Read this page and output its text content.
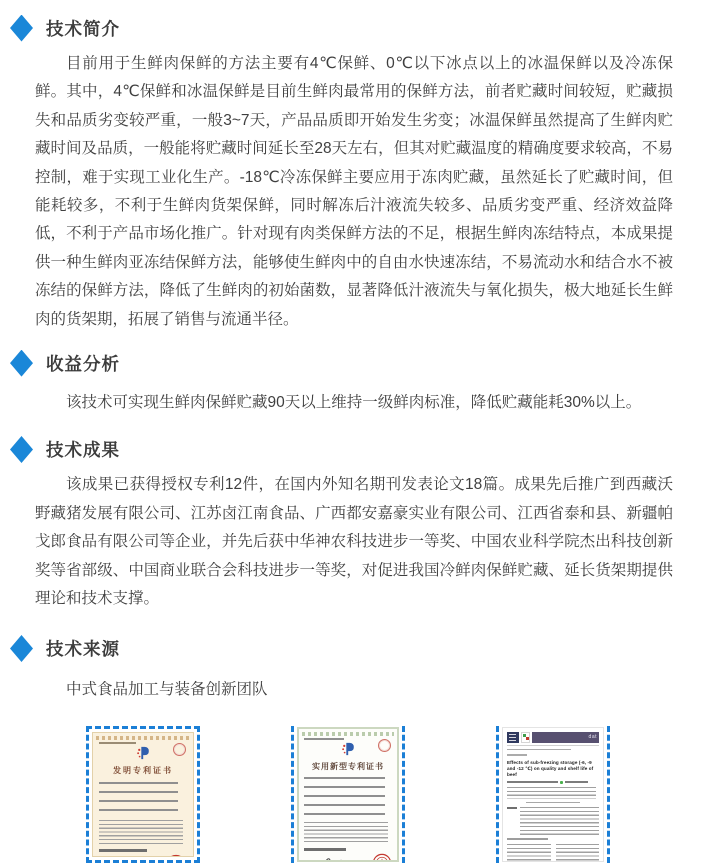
技术简介

目前用于生鲜肉保鲜的方法主要有4℃保鲜、0℃以下冰点以上的冰温保鲜以及冷冻保鲜。其中，4℃保鲜和冰温保鲜是目前生鲜肉最常用的保鲜方法，前者贮藏时间较短，贮藏损失和品质劣变较严重，一般3~7天，产品品质即开始发生劣变；冰温保鲜虽然提高了生鲜肉贮藏时间及品质，一般能将贮藏时间延长至28天左右，但其对贮藏温度的精确度要求较高，不易控制，难于实现工业化生产。-18℃冷冻保鲜主要应用于冻肉贮藏，虽然延长了贮藏时间，但能耗较多，不利于生鲜肉货架保鲜，同时解冻后汁液流失较多、品质劣变严重、经济效益降低，不利于产品市场化推广。针对现有肉类保鲜方法的不足，根据生鲜肉冻结特点，本成果提供一种生鲜肉亚冻结保鲜方法，能够使生鲜肉中的自由水快速冻结，不易流动水和结合水不被冻结的保鲜方法，降低了生鲜肉的初始菌数，显著降低汁液流失与氧化损失，极大地延长生鲜肉的货架期，拓展了销售与流通半径。

收益分析

该技术可实现生鲜肉保鲜贮藏90天以上维持一级鲜肉标准，降低贮藏能耗30%以上。

技术成果

该成果已获得授权专利12件，在国内外知名期刊发表论文18篇。成果先后推广到西藏沃野藏猪发展有限公司、江苏卤江南食品、广西都安嘉豪实业有限公司、江西省泰和县、新疆帕戈郎食品有限公司等企业，并先后获中华神农科技进步一等奖、中国农业科学院杰出科技创新奖等省部级、中国商业联合会科技进步一等奖，对促进我国冷鲜肉保鲜贮藏、延长货架期提供理论和技术支撑。

技术来源

中式食品加工与装备创新团队

发明专利证书	实用新型专利证书
dat
Effects of sub-freezing storage (-6, -9 and -12 ℃) on quality and shelf life of beef
